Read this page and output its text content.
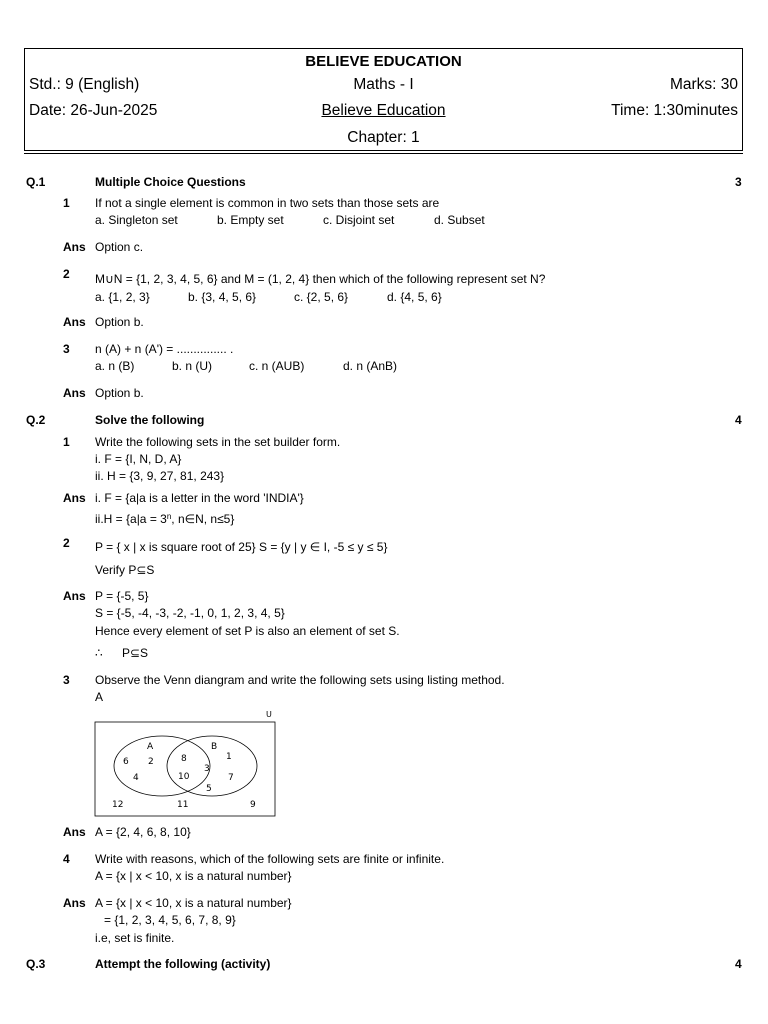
BELIEVE EDUCATION
Std.: 9 (English)	Maths - I	Marks: 30
Date: 26-Jun-2025	Believe Education	Time: 1:30minutes
Chapter: 1
Q.1	Multiple Choice Questions	3
1 If not a single element is common in two sets than those sets are
a. Singleton set	b. Empty set	c. Disjoint set	d. Subset
Ans Option c.
2 M∪N = {1, 2, 3, 4, 5, 6} and M = (1, 2, 4} then which of the following represent set N?
a. {1, 2, 3}	b. {3, 4, 5, 6}	c. {2, 5, 6}	d. {4, 5, 6}
Ans Option b.
3 n (A) + n (A') = ............... .
a. n (B)	b. n (U)	c. n (AUB)	d. n (AnB)
Ans Option b.
Q.2	Solve the following	4
1 Write the following sets in the set builder form.
i. F = {I, N, D, A}
ii. H = {3, 9, 27, 81, 243}
Ans i. F = {a|a is a letter in the word 'INDIA'}
$ii.H = \{a|a = 3^n$, n∈N, n≤5}
2 P = { x | x is square root of 25} S = {y | y ∈ I, -5 ≤ y ≤ 5}
Verify P⊆S
Ans P = {-5, 5}
S = {-5, -4, -3, -2, -1, 0, 1, 2, 3, 4, 5}
Hence every element of set P is also an element of set S.
∴ P⊆S
3 Observe the Venn diangram and write the following sets using listing method.
A
U
A	B
6 2
4
8
10
1
3
7
5
12	11	9
Ans A = {2, 4, 6, 8, 10}
4 Write with reasons, which of the following sets are finite or infinite.
A = {x | x < 10, x is a natural number}
Ans A = {x | x < 10, x is a natural number}
= {1, 2, 3, 4, 5, 6, 7, 8, 9}
i.e, set is finite.
Q.3	Attempt the following (activity)	4
